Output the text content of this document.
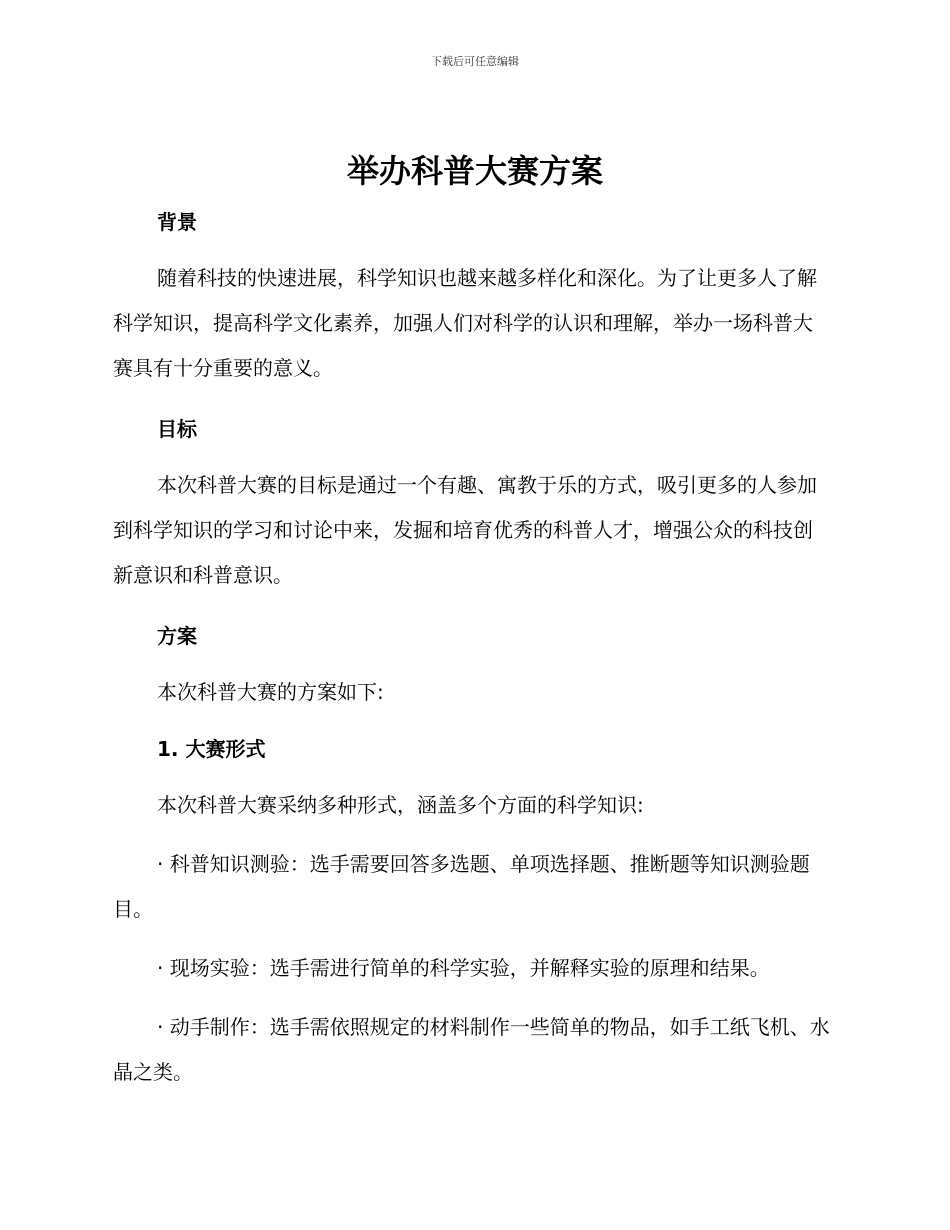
下载后可任意编辑
举办科普大赛方案
背景
随着科技的快速进展，科学知识也越来越多样化和深化。为了让更多人了解科学知识，提高科学文化素养，加强人们对科学的认识和理解，举办一场科普大赛具有十分重要的意义。
目标
本次科普大赛的目标是通过一个有趣、寓教于乐的方式，吸引更多的人参加到科学知识的学习和讨论中来，发掘和培育优秀的科普人才，增强公众的科技创新意识和科普意识。
方案
本次科普大赛的方案如下:
1. 大赛形式
本次科普大赛采纳多种形式，涵盖多个方面的科学知识:
· 科普知识测验：选手需要回答多选题、单项选择题、推断题等知识测验题目。
· 现场实验：选手需进行简单的科学实验，并解释实验的原理和结果。
· 动手制作：选手需依照规定的材料制作一些简单的物品，如手工纸飞机、水晶之类。
